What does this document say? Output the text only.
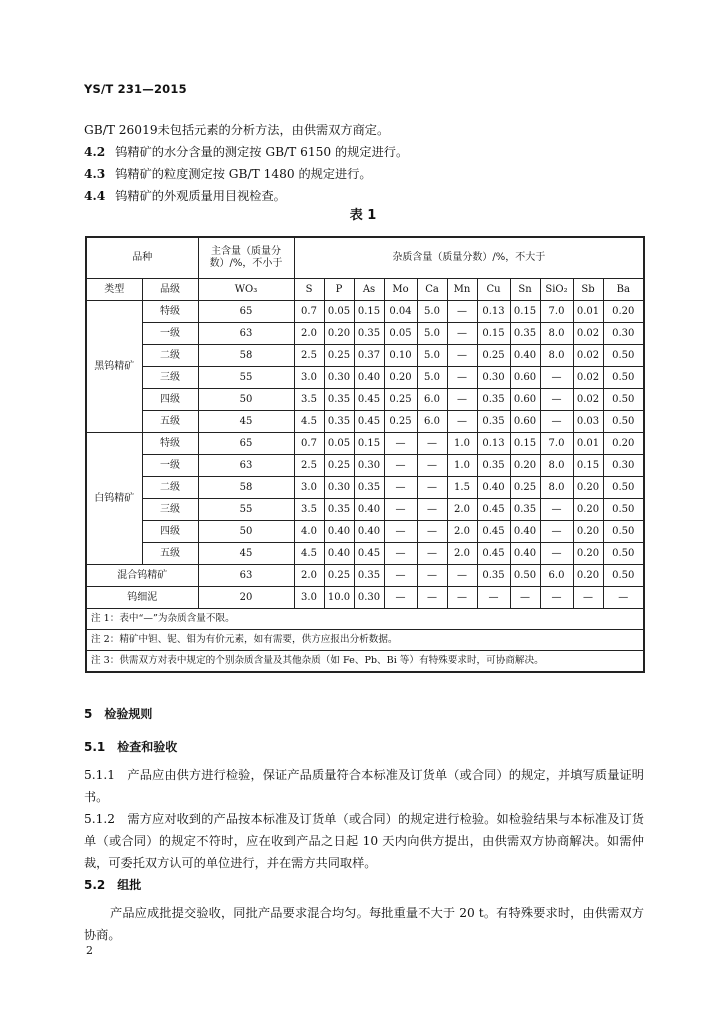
YS/T 231—2015
GB/T 26019未包括元素的分析方法，由供需双方商定。
4.2 钨精矿的水分含量的测定按 GB/T 6150 的规定进行。
4.3 钨精矿的粒度测定按 GB/T 1480 的规定进行。
4.4 钨精矿的外观质量用目视检查。
表 1
品种		主含量（质量分数）/%，不小于	杂质含量（质量分数）/%，不大于										
类型	品级	WO₃	S	P	As	Mo	Ca	Mn	Cu	Sn	SiO₂	Sb	Ba
黑钨精矿	特级	65	0.7	0.05	0.15	0.04	5.0	—	0.13	0.15	7.0	0.01	0.20
	一级	63	2.0	0.20	0.35	0.05	5.0	—	0.15	0.35	8.0	0.02	0.30
	二级	58	2.5	0.25	0.37	0.10	5.0	—	0.25	0.40	8.0	0.02	0.50
	三级	55	3.0	0.30	0.40	0.20	5.0	—	0.30	0.60	—	0.02	0.50
	四级	50	3.5	0.35	0.45	0.25	6.0	—	0.35	0.60	—	0.02	0.50
	五级	45	4.5	0.35	0.45	0.25	6.0	—	0.35	0.60	—	0.03	0.50
白钨精矿	特级	65	0.7	0.05	0.15	—	—	1.0	0.13	0.15	7.0	0.01	0.20
	一级	63	2.5	0.25	0.30	—	—	1.0	0.35	0.20	8.0	0.15	0.30
	二级	58	3.0	0.30	0.35	—	—	1.5	0.40	0.25	8.0	0.20	0.50
	三级	55	3.5	0.35	0.40	—	—	2.0	0.45	0.35	—	0.20	0.50
	四级	50	4.0	0.40	0.40	—	—	2.0	0.45	0.40	—	0.20	0.50
	五级	45	4.5	0.40	0.45	—	—	2.0	0.45	0.40	—	0.20	0.50
混合钨精矿		63	2.0	0.25	0.35	—	—	—	0.35	0.50	6.0	0.20	0.50
钨细泥		20	3.0	10.0	0.30	—	—	—	—	—	—	—	—
注 1：表中“—”为杂质含量不限。													
注 2：精矿中钽、铌、钼为有价元素，如有需要，供方应报出分析数据。													
注 3：供需双方对表中规定的个别杂质含量及其他杂质（如 Fe、Pb、Bi 等）有特殊要求时，可协商解决。													
5　检验规则
5.1　检查和验收
5.1.1　产品应由供方进行检验，保证产品质量符合本标准及订货单（或合同）的规定，并填写质量证明书。
5.1.2　需方应对收到的产品按本标准及订货单（或合同）的规定进行检验。如检验结果与本标准及订货单（或合同）的规定不符时，应在收到产品之日起 10 天内向供方提出，由供需双方协商解决。如需仲裁，可委托双方认可的单位进行，并在需方共同取样。
5.2　组批
产品应成批提交验收，同批产品要求混合均匀。每批重量不大于 20 t。有特殊要求时，由供需双方协商。
2
